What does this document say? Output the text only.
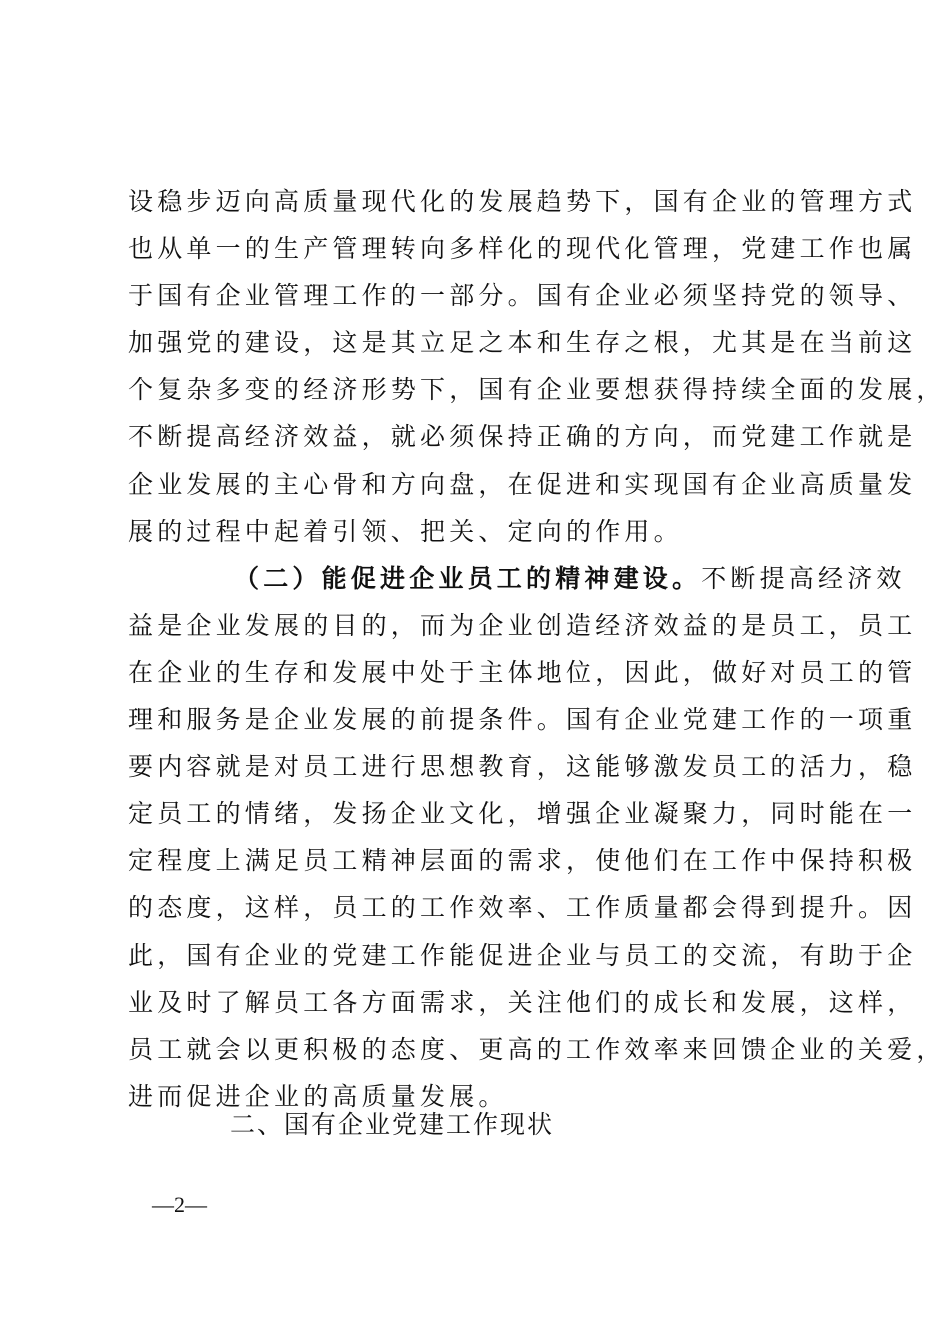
设稳步迈向高质量现代化的发展趋势下，国有企业的管理方式
也从单一的生产管理转向多样化的现代化管理，党建工作也属
于国有企业管理工作的一部分。国有企业必须坚持党的领导、
加强党的建设，这是其立足之本和生存之根，尤其是在当前这
个复杂多变的经济形势下，国有企业要想获得持续全面的发展，
不断提高经济效益，就必须保持正确的方向，而党建工作就是
企业发展的主心骨和方向盘，在促进和实现国有企业高质量发
展的过程中起着引领、把关、定向的作用。
（二）能促进企业员工的精神建设。不断提高经济效
益是企业发展的目的，而为企业创造经济效益的是员工，员工
在企业的生存和发展中处于主体地位，因此，做好对员工的管
理和服务是企业发展的前提条件。国有企业党建工作的一项重
要内容就是对员工进行思想教育，这能够激发员工的活力，稳
定员工的情绪，发扬企业文化，增强企业凝聚力，同时能在一
定程度上满足员工精神层面的需求，使他们在工作中保持积极
的态度，这样，员工的工作效率、工作质量都会得到提升。因
此，国有企业的党建工作能促进企业与员工的交流，有助于企
业及时了解员工各方面需求，关注他们的成长和发展，这样，
员工就会以更积极的态度、更高的工作效率来回馈企业的关爱，
进而促进企业的高质量发展。
二、国有企业党建工作现状
—2—
